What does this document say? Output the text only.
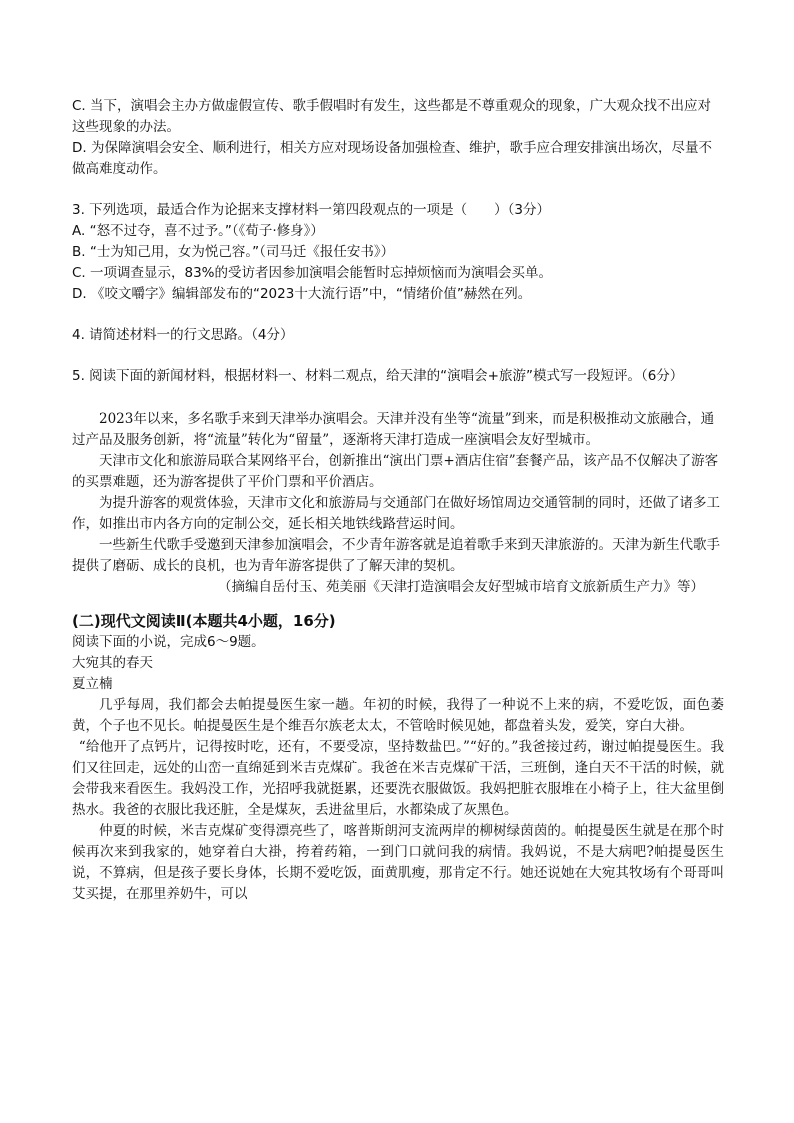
C. 当下，演唱会主办方做虚假宣传、歌手假唱时有发生，这些都是不尊重观众的现象，广大观众找不出应对这些现象的办法。

D. 为保障演唱会安全、顺利进行，相关方应对现场设备加强检查、维护，歌手应合理安排演出场次，尽量不做高难度动作。

3. 下列选项，最适合作为论据来支撑材料一第四段观点的一项是（　　）（3分）

A. “怒不过夺，喜不过予。”（《荀子·修身》）

B. “士为知己用，女为悦己容。”（司马迁《报任安书》）

C. 一项调查显示，83%的受访者因参加演唱会能暂时忘掉烦恼而为演唱会买单。

D. 《咬文嚼字》编辑部发布的“2023十大流行语”中，“情绪价值”赫然在列。

4. 请简述材料一的行文思路。（4分）

5. 阅读下面的新闻材料，根据材料一、材料二观点，给天津的“演唱会+旅游”模式写一段短评。（6分）

2023年以来，多名歌手来到天津举办演唱会。天津并没有坐等“流量”到来，而是积极推动文旅融合，通过产品及服务创新，将“流量”转化为“留量”，逐渐将天津打造成一座演唱会友好型城市。

天津市文化和旅游局联合某网络平台，创新推出“演出门票+酒店住宿”套餐产品，该产品不仅解决了游客的买票难题，还为游客提供了平价门票和平价酒店。

为提升游客的观赏体验，天津市文化和旅游局与交通部门在做好场馆周边交通管制的同时，还做了诸多工作，如推出市内各方向的定制公交，延长相关地铁线路营运时间。

一些新生代歌手受邀到天津参加演唱会，不少青年游客就是追着歌手来到天津旅游的。天津为新生代歌手提供了磨砺、成长的良机，也为青年游客提供了了解天津的契机。

（摘编自岳付玉、苑美丽《天津打造演唱会友好型城市培育文旅新质生产力》等）

(二)现代文阅读Ⅱ(本题共4小题，16分)

阅读下面的小说，完成6～9题。

大宛其的春天

夏立楠

几乎每周，我们都会去帕提曼医生家一趟。年初的时候，我得了一种说不上来的病，不爱吃饭，面色萎黄，个子也不见长。帕提曼医生是个维吾尔族老太太，不管啥时候见她，都盘着头发，爱笑，穿白大褂。

“给他开了点钙片，记得按时吃，还有，不要受凉，坚持数盐巴。”“好的。”我爸接过药，谢过帕提曼医生。我们又往回走，远处的山峦一直绵延到米吉克煤矿。我爸在米吉克煤矿干活，三班倒，逢白天不干活的时候，就会带我来看医生。我妈没工作，光招呼我就挺累，还要洗衣服做饭。我妈把脏衣服堆在小椅子上，往大盆里倒热水。我爸的衣服比我还脏，全是煤灰，丢进盆里后，水都染成了灰黑色。

仲夏的时候，米吉克煤矿变得漂亮些了，喀普斯朗河支流两岸的柳树绿茵茵的。帕提曼医生就是在那个时候再次来到我家的，她穿着白大褂，挎着药箱，一到门口就问我的病情。我妈说，不是大病吧?帕提曼医生说，不算病，但是孩子要长身体，长期不爱吃饭，面黄肌瘦，那肯定不行。她还说她在大宛其牧场有个哥哥叫艾买提，在那里养奶牛，可以
